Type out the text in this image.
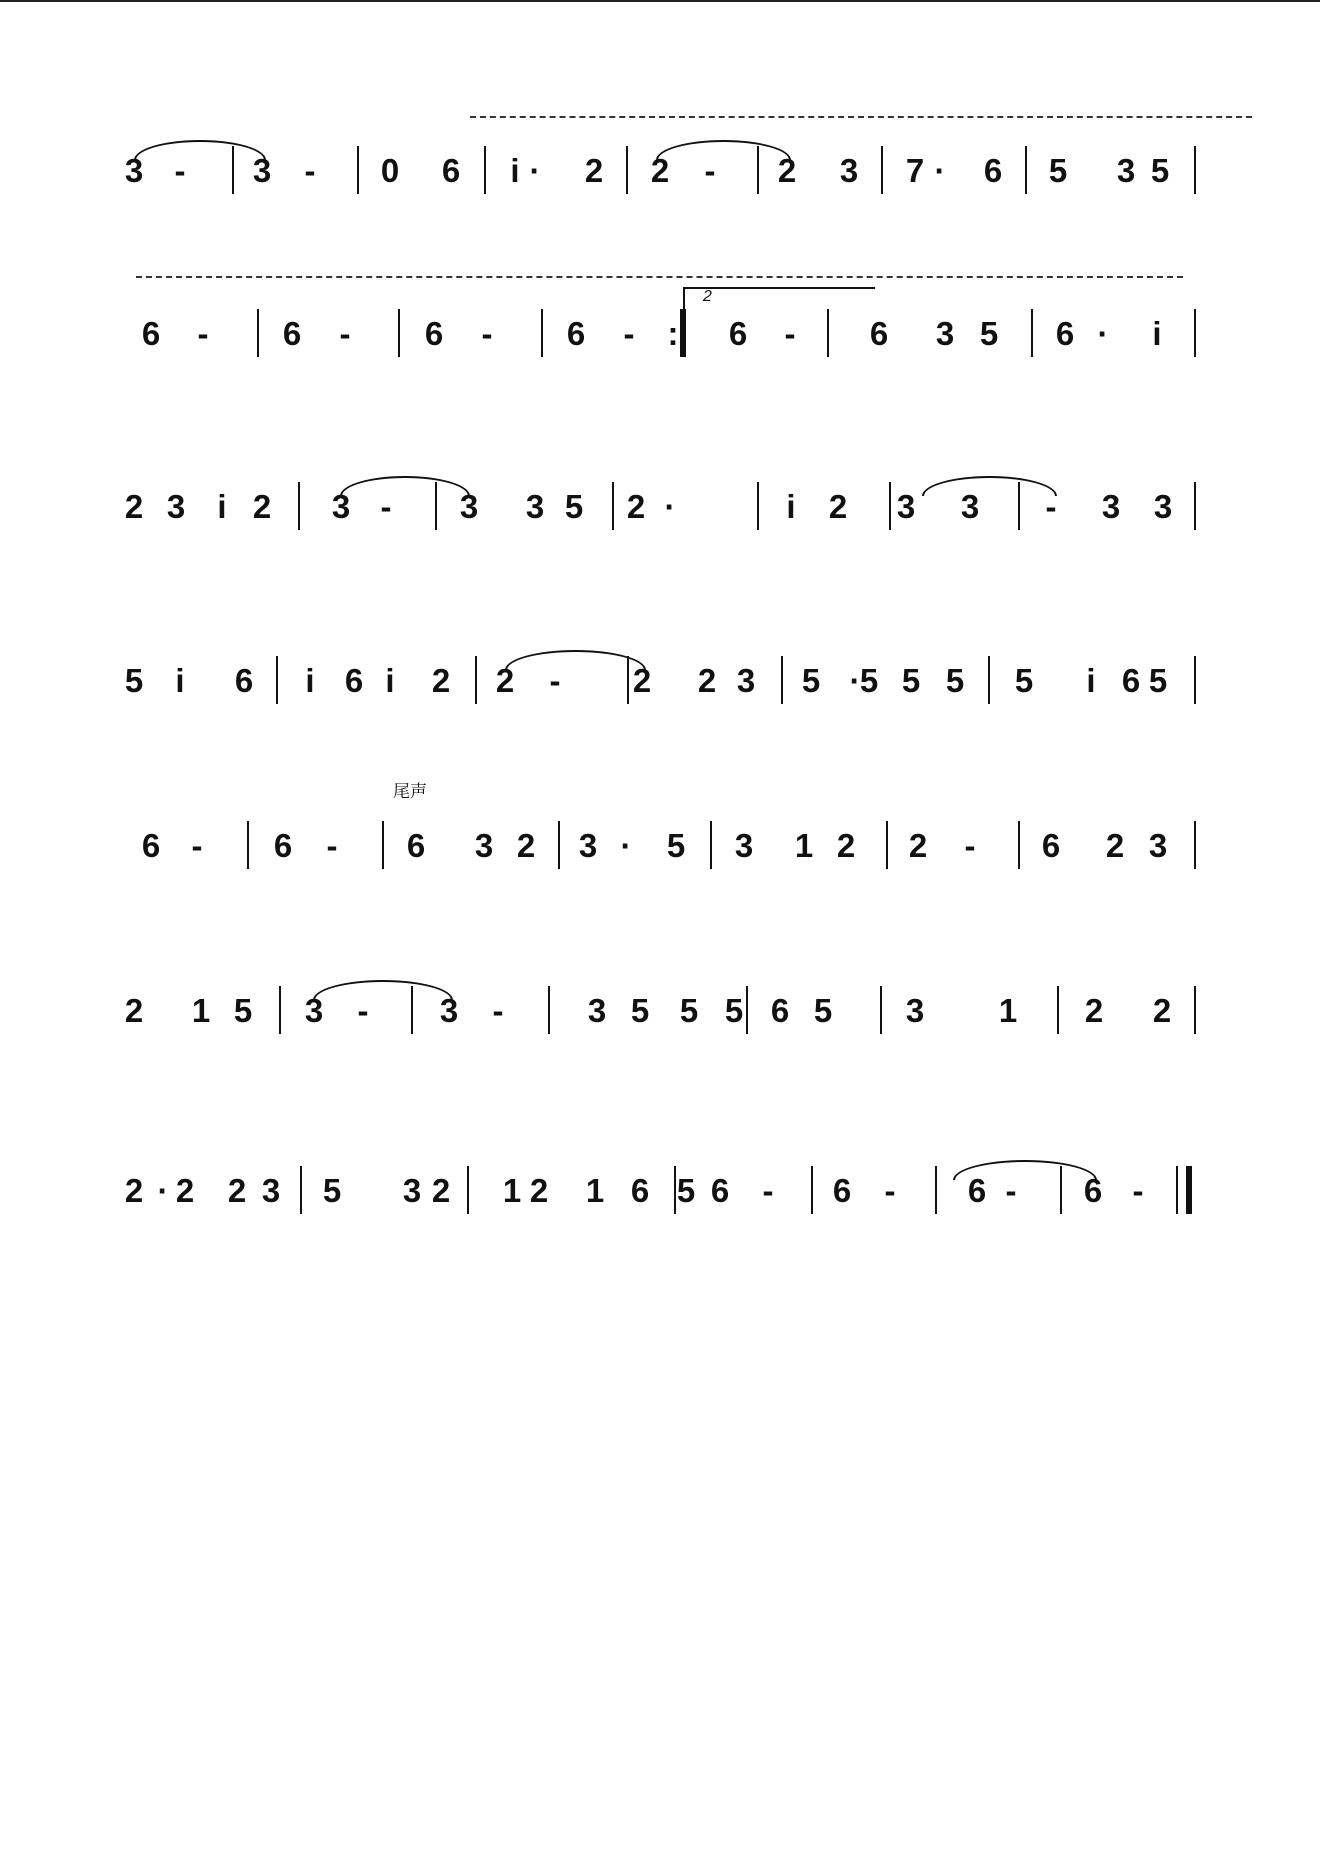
3 - 3 - 0 6 i · 2 2 - 2 3 7 · 6 5 3 5
6 - 6 - 6 - 6 - : 6 - 6 3 5 6 · i
2 3 i 2 3 - 3 3 5 2 ·	i 2 3 3 - 3 3
5 i 6 i 6 i 2 2 - 2 2 3 5 · 5 5 5 5 i 6 5
6 - 6 - 6 3 2 3 · 5 3 1 2 2 - 6 2 3
2 1 5 3 - 3 -	3 5 5 5 6 5 3 1 2 2
2 · 2 2 3 5 3 2 1 2 1 6 5 6 - 6 - 6 - 6 -
2
尾声
